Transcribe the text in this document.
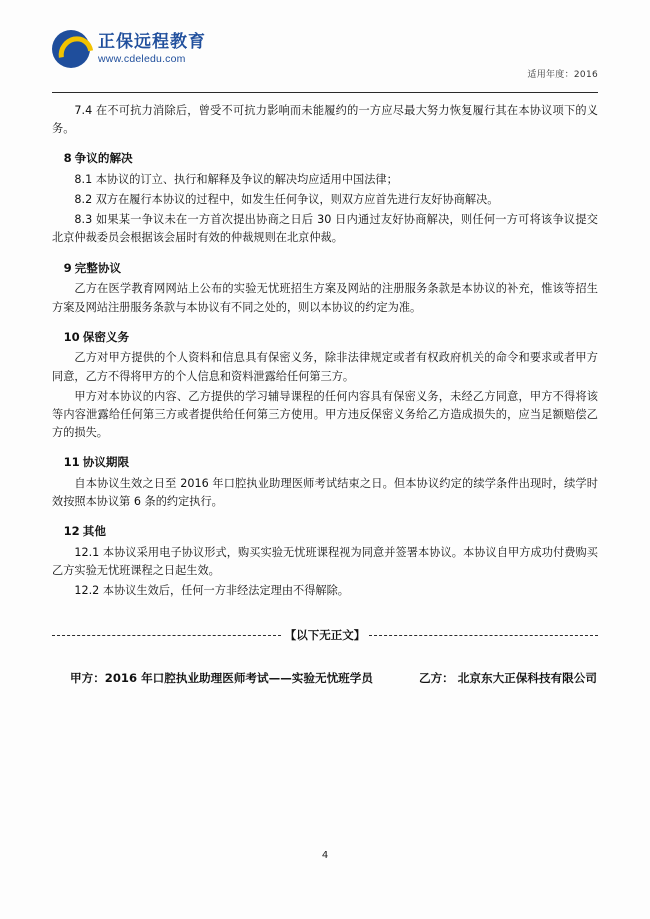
正保远程教育
www.cdeledu.com
适用年度：2016

7.4 在不可抗力消除后，曾受不可抗力影响而未能履约的一方应尽最大努力恢复履行其在本协议项下的义务。

8 争议的解决

8.1 本协议的订立、执行和解释及争议的解决均应适用中国法律；

8.2 双方在履行本协议的过程中，如发生任何争议，则双方应首先进行友好协商解决。

8.3 如果某一争议未在一方首次提出协商之日后 30 日内通过友好协商解决，则任何一方可将该争议提交北京仲裁委员会根据该会届时有效的仲裁规则在北京仲裁。

9 完整协议

乙方在医学教育网网站上公布的实验无忧班招生方案及网站的注册服务条款是本协议的补充，惟该等招生方案及网站注册服务条款与本协议有不同之处的，则以本协议的约定为准。

10 保密义务

乙方对甲方提供的个人资料和信息具有保密义务，除非法律规定或者有权政府机关的命令和要求或者甲方同意，乙方不得将甲方的个人信息和资料泄露给任何第三方。

甲方对本协议的内容、乙方提供的学习辅导课程的任何内容具有保密义务，未经乙方同意，甲方不得将该等内容泄露给任何第三方或者提供给任何第三方使用。甲方违反保密义务给乙方造成损失的，应当足额赔偿乙方的损失。

11 协议期限

自本协议生效之日至 2016 年口腔执业助理医师考试结束之日。但本协议约定的续学条件出现时，续学时效按照本协议第 6 条的约定执行。

12 其他

12.1 本协议采用电子协议形式，购买实验无忧班课程视为同意并签署本协议。本协议自甲方成功付费购买乙方实验无忧班课程之日起生效。

12.2 本协议生效后，任何一方非经法定理由不得解除。

【以下无正文】
甲方：2016 年口腔执业助理医师考试——实验无忧班学员	乙方： 北京东大正保科技有限公司
4
